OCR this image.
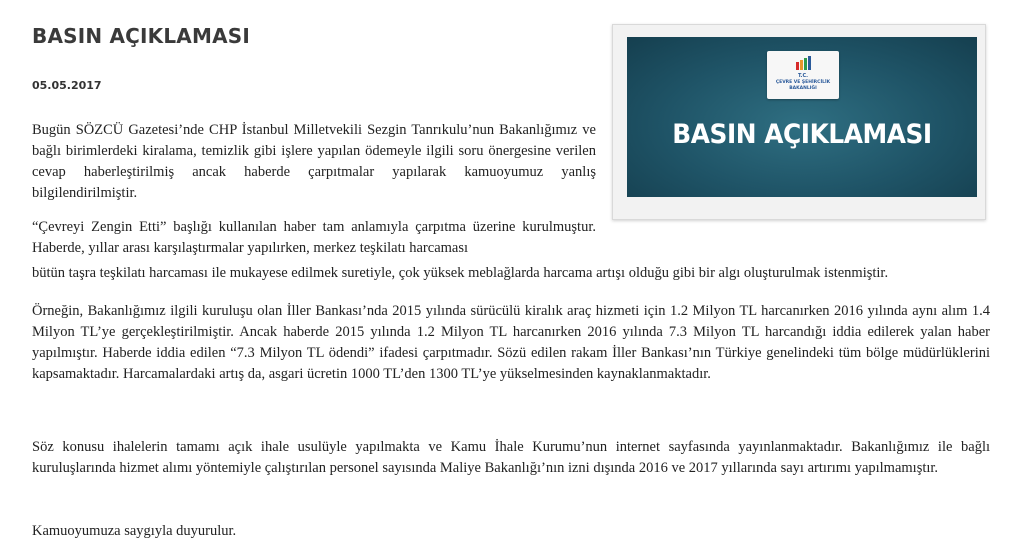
BASIN AÇIKLAMASI
05.05.2017
T.C.
ÇEVRE VE ŞEHİRCİLİK
BAKANLIĞI
BASIN AÇIKLAMASI

Bugün SÖZCÜ Gazetesi’nde CHP İstanbul Milletvekili Sezgin Tanrıkulu’nun Bakanlığımız ve bağlı birimlerdeki kiralama, temizlik gibi işlere yapılan ödemeyle ilgili soru önergesine verilen cevap haberleştirilmiş ancak haberde çarpıtmalar yapılarak kamuoyumuz yanlış bilgilendirilmiştir.

“Çevreyi Zengin Etti” başlığı kullanılan haber tam anlamıyla çarpıtma üzerine kurulmuştur. Haberde, yıllar arası karşılaştırmalar yapılırken, merkez teşkilatı harcaması

bütün taşra teşkilatı harcaması ile mukayese edilmek suretiyle, çok yüksek meblağlarda harcama artışı olduğu gibi bir algı oluşturulmak istenmiştir.

Örneğin, Bakanlığımız ilgili kuruluşu olan İller Bankası’nda 2015 yılında sürücülü kiralık araç hizmeti için 1.2 Milyon TL harcanırken 2016 yılında aynı alım 1.4 Milyon TL’ye gerçekleştirilmiştir. Ancak haberde 2015 yılında 1.2 Milyon TL harcanırken 2016 yılında 7.3 Milyon TL harcandığı iddia edilerek yalan haber yapılmıştır. Haberde iddia edilen “7.3 Milyon TL ödendi” ifadesi çarpıtmadır. Sözü edilen rakam İller Bankası’nın Türkiye genelindeki tüm bölge müdürlüklerini kapsamaktadır. Harcamalardaki artış da, asgari ücretin 1000 TL’den 1300 TL’ye yükselmesinden kaynaklanmaktadır.

Söz konusu ihalelerin tamamı açık ihale usulüyle yapılmakta ve Kamu İhale Kurumu’nun internet sayfasında yayınlanmaktadır. Bakanlığımız ile bağlı kuruluşlarında hizmet alımı yöntemiyle çalıştırılan personel sayısında Maliye Bakanlığı’nın izni dışında 2016 ve 2017 yıllarında sayı artırımı yapılmamıştır.

Kamuoyumuza saygıyla duyurulur.
